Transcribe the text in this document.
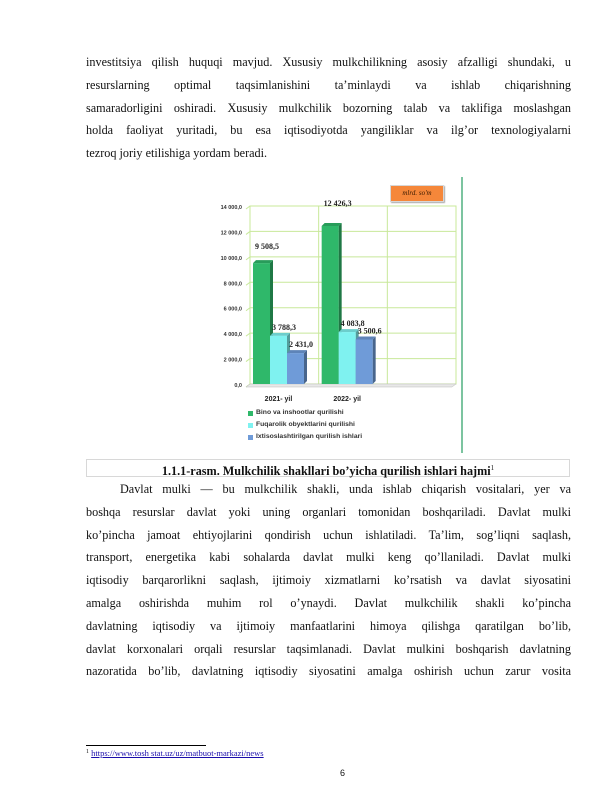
investitsiya qilish huquqi mavjud. Xususiy mulkchilikning asosiy afzalligi shundaki, u
resurslarning optimal taqsimlanishini ta’minlaydi va ishlab chiqarishning
samaradorligini oshiradi. Xususiy mulkchilik bozorning talab va taklifiga moslashgan
holda faoliyat yuritadi, bu esa iqtisodiyotda yangiliklar va ilg’or texnologiyalarni
tezroq joriy etilishiga yordam beradi.
0,0
2 000,0
4 000,0
6 000,0
8 000,0
10 000,0
12 000,0
14 000,0
9 508,5
3 788,3
2 431,0
2021- yil
12 426,3
4 083,8
3 500,6
2022- yil
mlrd. so'm
Bino va inshootlar qurilishi
Fuqarolik obyektlarini qurilishi
Ixtisoslashtirilgan qurilish ishlari
1.1.1-rasm. Mulkchilik shakllari bo’yicha qurilish ishlari hajmi$^1$
Davlat mulki — bu mulkchilik shakli, unda ishlab chiqarish vositalari, yer va
boshqa resurslar davlat yoki uning organlari tomonidan boshqariladi. Davlat mulki
ko’pincha jamoat ehtiyojlarini qondirish uchun ishlatiladi. Ta’lim, sog’liqni saqlash,
transport, energetika kabi sohalarda davlat mulki keng qo’llaniladi. Davlat mulki
iqtisodiy barqarorlikni saqlash, ijtimoiy xizmatlarni ko’rsatish va davlat siyosatini
amalga oshirishda muhim rol o’ynaydi. Davlat mulkchilik shakli ko’pincha
davlatning iqtisodiy va ijtimoiy manfaatlarini himoya qilishga qaratilgan bo’lib,
davlat korxonalari orqali resurslar taqsimlanadi. Davlat mulkini boshqarish davlatning
nazoratida bo’lib, davlatning iqtisodiy siyosatini amalga oshirish uchun zarur vosita
$^1$ https://www.tosh stat.uz/uz/matbuot-markazi/news
6
